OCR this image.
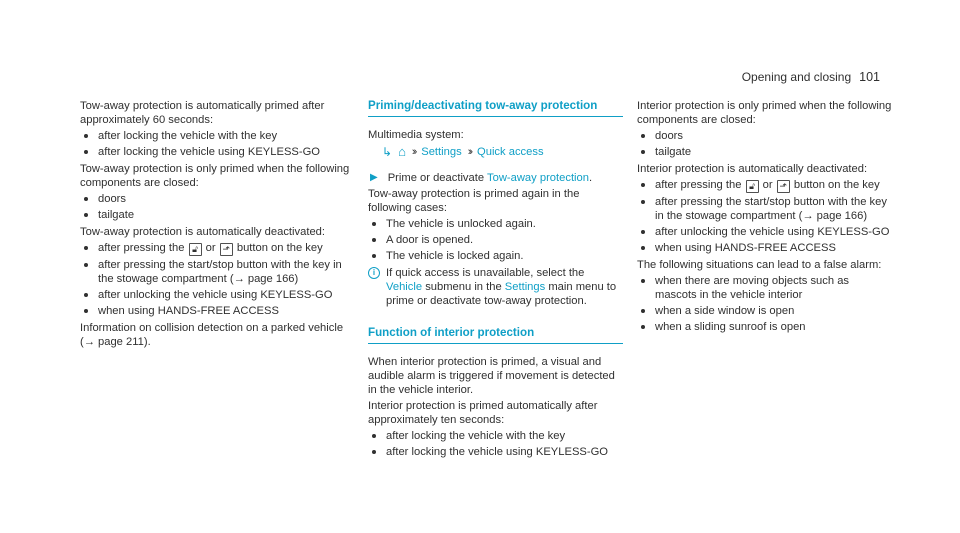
Opening and closing 101

Tow-away protection is automatically primed after approximately 60 seconds:

after locking the vehicle with the key
after locking the vehicle using KEYLESS-GO

Tow-away protection is only primed when the following components are closed:

doors
tailgate

Tow-away protection is automatically deactivated:

after pressing the 🔓︎ or ⬏ button on the key
after pressing the start/stop button with the key in the stowage compartment (→ page 166)
after unlocking the vehicle using KEYLESS-GO
when using HANDS-FREE ACCESS

Information on collision detection on a parked vehicle (→ page 211).

Priming/deactivating tow-away protection

Multimedia system:

↳ ⌂ ›› Settings ›› Quick access
▶ Prime or deactivate Tow-away protection.

Tow-away protection is primed again in the following cases:

The vehicle is unlocked again.
A door is opened.
The vehicle is locked again.
i If quick access is unavailable, select the Vehicle submenu in the Settings main menu to prime or deactivate tow-away protection.
Function of interior protection

When interior protection is primed, a visual and audible alarm is triggered if movement is detected in the vehicle interior.

Interior protection is primed automatically after approximately ten seconds:

after locking the vehicle with the key
after locking the vehicle using KEYLESS-GO

Interior protection is only primed when the following components are closed:

doors
tailgate

Interior protection is automatically deactivated:

after pressing the 🔓︎ or ⬏ button on the key
after pressing the start/stop button with the key in the stowage compartment (→ page 166)
after unlocking the vehicle using KEYLESS-GO
when using HANDS-FREE ACCESS

The following situations can lead to a false alarm:

when there are moving objects such as mascots in the vehicle interior
when a side window is open
when a sliding sunroof is open
